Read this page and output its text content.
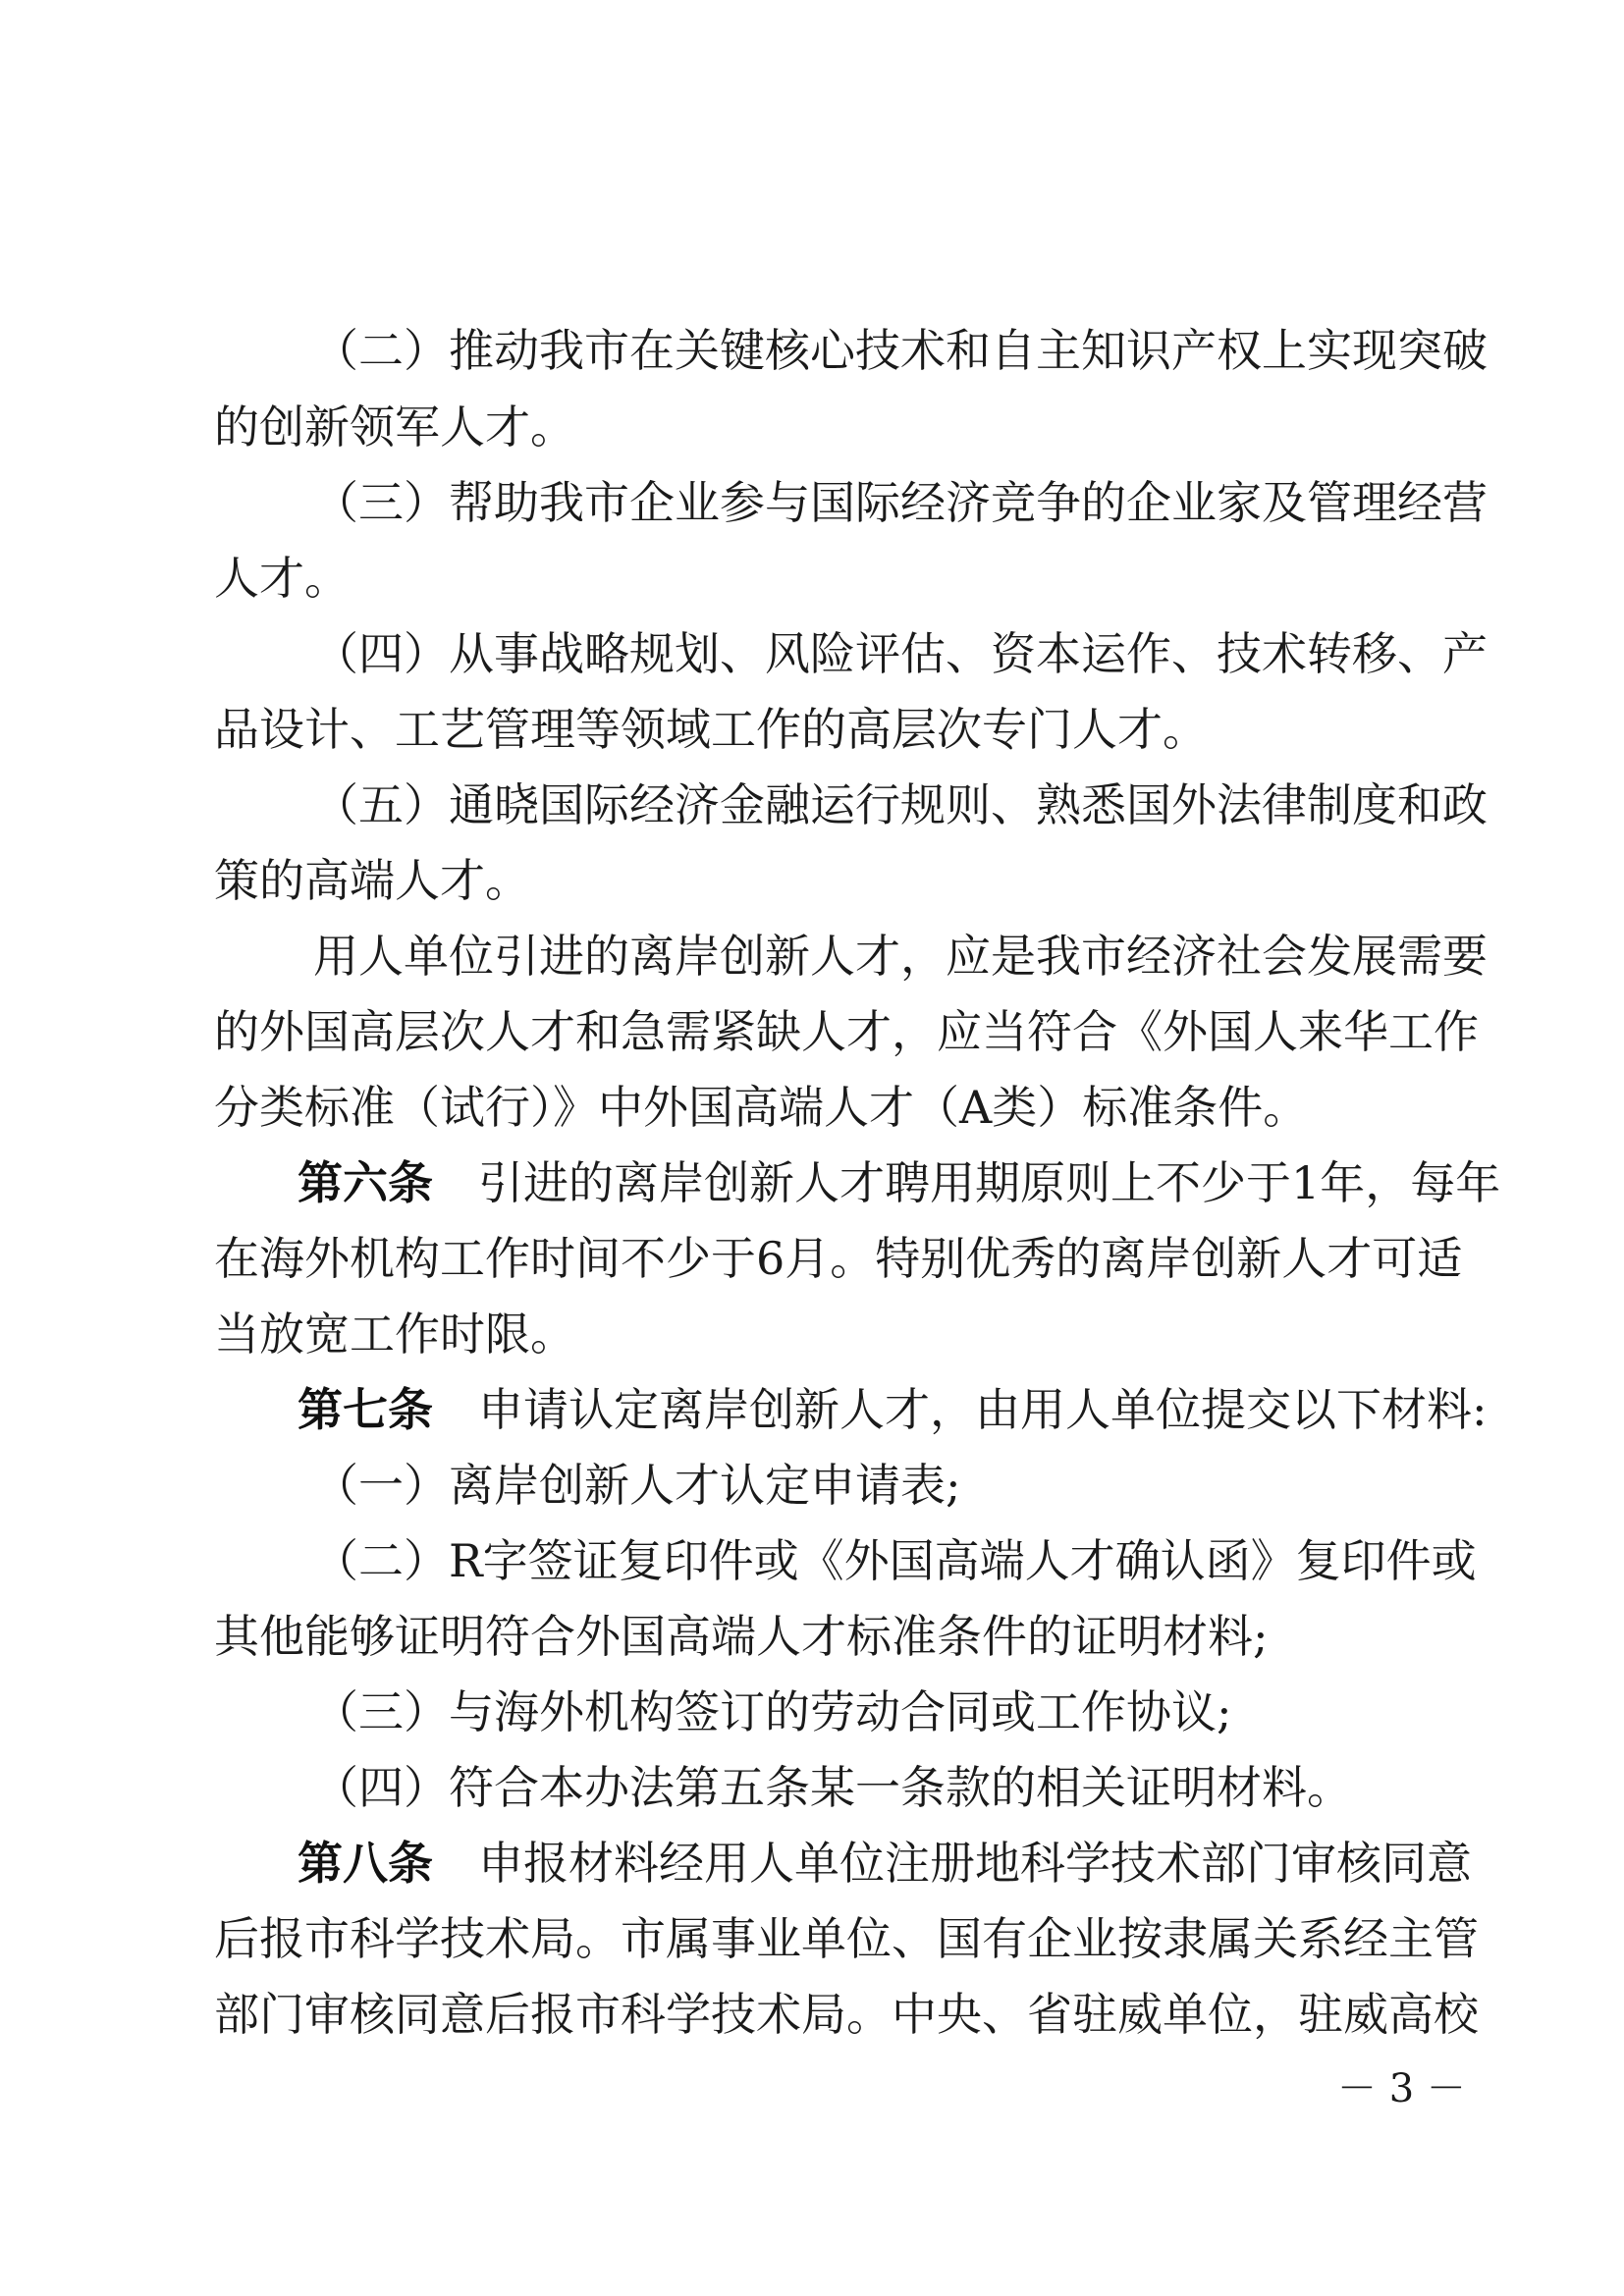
（二）推动我市在关键核心技术和自主知识产权上实现突破

的创新领军人才。

（三）帮助我市企业参与国际经济竞争的企业家及管理经营

人才。

（四）从事战略规划、风险评估、资本运作、技术转移、产

品设计、工艺管理等领域工作的高层次专门人才。

（五）通晓国际经济金融运行规则、熟悉国外法律制度和政

策的高端人才。

用人单位引进的离岸创新人才，应是我市经济社会发展需要

的外国高层次人才和急需紧缺人才，应当符合《外国人来华工作

分类标准（试行）》中外国高端人才（A类）标准条件。

第六条  引进的离岸创新人才聘用期原则上不少于1年，每年

在海外机构工作时间不少于6月。特别优秀的离岸创新人才可适

当放宽工作时限。

第七条  申请认定离岸创新人才，由用人单位提交以下材料:

（一）离岸创新人才认定申请表;

（二）R字签证复印件或《外国高端人才确认函》复印件或

其他能够证明符合外国高端人才标准条件的证明材料;

（三）与海外机构签订的劳动合同或工作协议;

（四）符合本办法第五条某一条款的相关证明材料。

第八条  申报材料经用人单位注册地科学技术部门审核同意

后报市科学技术局。市属事业单位、国有企业按隶属关系经主管

部门审核同意后报市科学技术局。中央、省驻威单位，驻威高校

－ 3 －
